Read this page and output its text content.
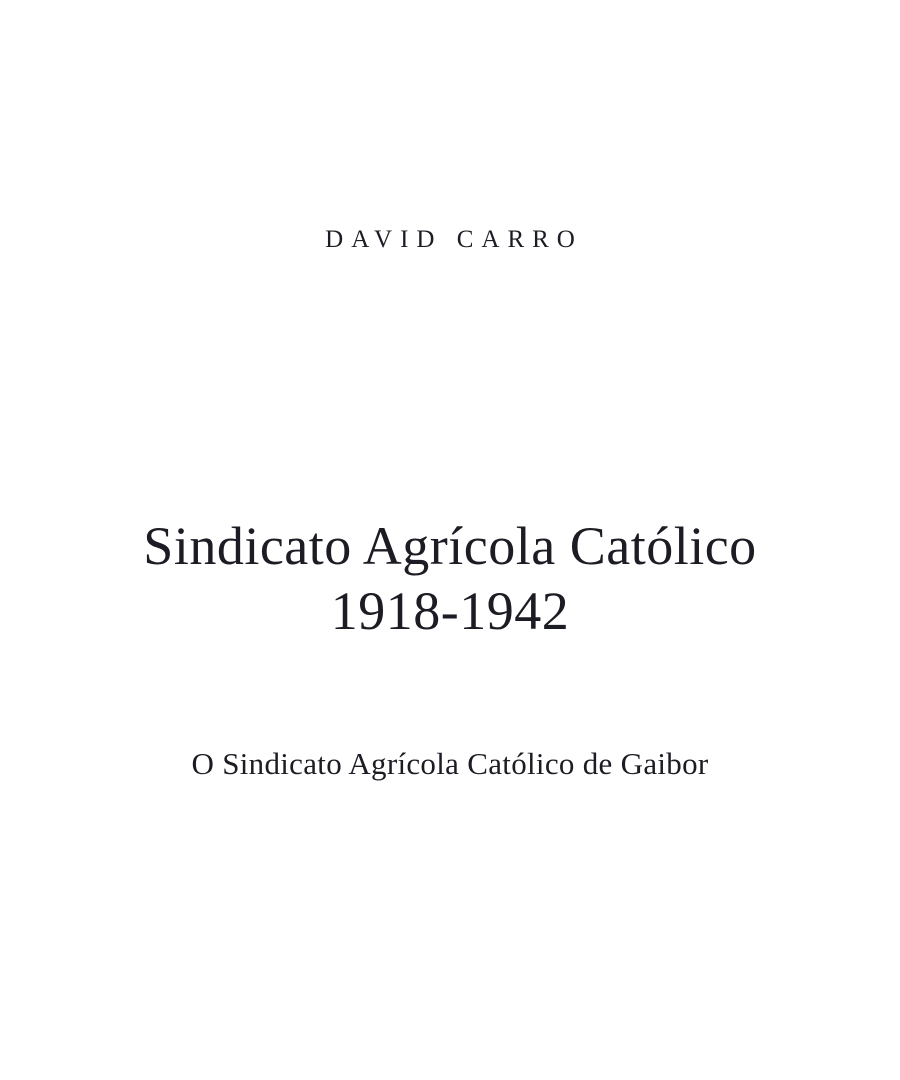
DAVID CARRO
Sindicato Agrícola Católico
1918-1942
O Sindicato Agrícola Católico de Gaibor
